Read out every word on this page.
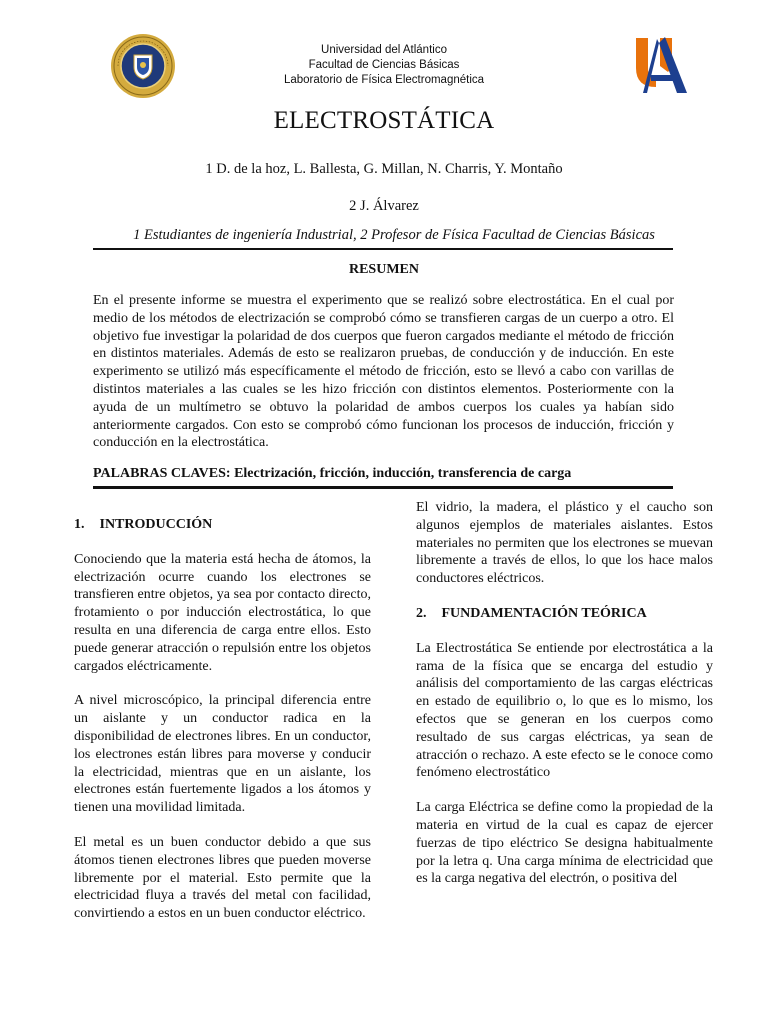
Universidad del Atlántico
Facultad de Ciencias Básicas
Laboratorio de Física Electromagnética
ELECTROSTÁTICA
1 D. de la hoz, L. Ballesta, G. Millan, N. Charris, Y. Montaño
2 J. Álvarez
1 Estudiantes de ingeniería Industrial, 2 Profesor de Física Facultad de Ciencias Básicas
RESUMEN

En el presente informe se muestra el experimento que se realizó sobre electrostática. En el cual por medio de los métodos de electrización se comprobó cómo se transfieren cargas de un cuerpo a otro. El objetivo fue investigar la polaridad de dos cuerpos que fueron cargados mediante el método de fricción en distintos materiales. Además de esto se realizaron pruebas, de conducción y de inducción. En este experimento se utilizó más específicamente el método de fricción, esto se llevó a cabo con varillas de distintos materiales a las cuales se les hizo fricción con distintos elementos. Posteriormente con la ayuda de un multímetro se obtuvo la polaridad de ambos cuerpos los cuales ya habían sido anteriormente cargados. Con esto se comprobó cómo funcionan los procesos de inducción, fricción y conducción en la electrostática.

PALABRAS CLAVES: Electrización, fricción, inducción, transferencia de carga
1. INTRODUCCIÓN

Conociendo que la materia está hecha de átomos, la electrización ocurre cuando los electrones se transfieren entre objetos, ya sea por contacto directo, frotamiento o por inducción electrostática, lo que resulta en una diferencia de carga entre ellos. Esto puede generar atracción o repulsión entre los objetos cargados eléctricamente.

A nivel microscópico, la principal diferencia entre un aislante y un conductor radica en la disponibilidad de electrones libres. En un conductor, los electrones están libres para moverse y conducir la electricidad, mientras que en un aislante, los electrones están fuertemente ligados a los átomos y tienen una movilidad limitada.

El metal es un buen conductor debido a que sus átomos tienen electrones libres que pueden moverse libremente por el material. Esto permite que la electricidad fluya a través del metal con facilidad, convirtiendo a estos en un buen conductor eléctrico.

El vidrio, la madera, el plástico y el caucho son algunos ejemplos de materiales aislantes. Estos materiales no permiten que los electrones se muevan libremente a través de ellos, lo que los hace malos conductores eléctricos.

2. FUNDAMENTACIÓN TEÓRICA

La Electrostática Se entiende por electrostática a la rama de la física que se encarga del estudio y análisis del comportamiento de las cargas eléctricas en estado de equilibrio o, lo que es lo mismo, los efectos que se generan en los cuerpos como resultado de sus cargas eléctricas, ya sean de atracción o rechazo. A este efecto se le conoce como fenómeno electrostático

La carga Eléctrica se define como la propiedad de la materia en virtud de la cual es capaz de ejercer fuerzas de tipo eléctrico Se designa habitualmente por la letra q. Una carga mínima de electricidad que es la carga negativa del electrón, o positiva del
